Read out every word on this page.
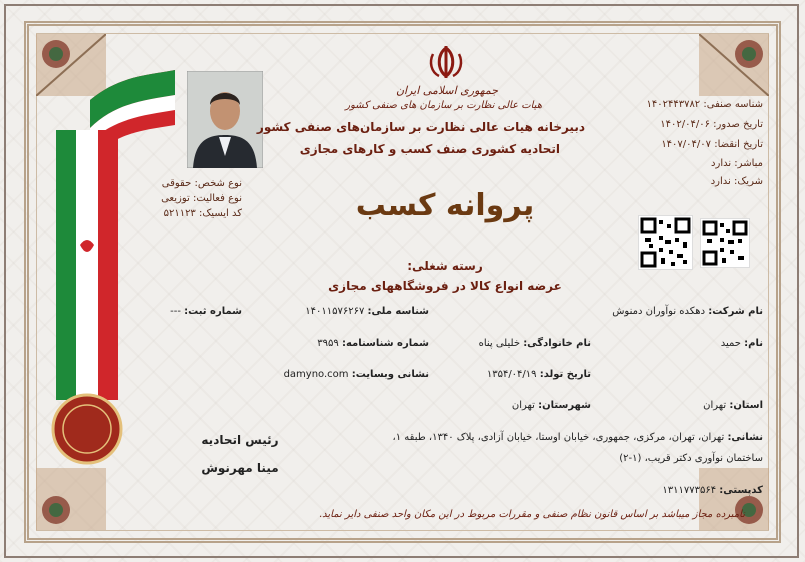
جمهوری اسلامی ایران
هیات عالی نظارت بر سازمان های صنفی کشور
دبیرخانه هیات عالی نظارت بر سازمان‌های صنفی کشور
اتحادیه کشوری صنف کسب و کارهای مجازی
پروانه کسب
شناسه صنفی: ۱۴۰۲۴۴۳۷۸۲
تاریخ صدور: ۱۴۰۲/۰۴/۰۶
تاریخ انقضا: ۱۴۰۷/۰۴/۰۷
مباشر: ندارد
شریک: ندارد
نوع شخص: حقوقی
نوع فعالیت: توزیعی
کد ایسیک: ۵۲۱۱۲۳
رسته شغلی:
عرضه انواع کالا در فروشگاههای مجازی
نام شرکت: دهکده نوآوران دمنوش
شناسه ملی: ۱۴۰۱۱۵۷۶۲۶۷
شماره ثبت: ---
نام: حمید
نام خانوادگی: خلیلی پناه
شماره شناسنامه: ۳۹۵۹
تاریخ تولد: ۱۳۵۴/۰۴/۱۹
نشانی وبسایت: damyno.com
استان: تهران
شهرستان: تهران
نشانی: تهران، تهران، مرکزی، جمهوری، خیابان اوستا، خیابان آزادی، پلاک ۱۳۴۰، طبقه ۱،
ساختمان نوآوری دکتر قریب، (۱-۲)
کدپستی: ۱۳۱۱۷۷۳۵۶۴
رئیس اتحادیه
مینا مهرنوش
نامبرده مجاز میباشد بر اساس قانون نظام صنفی و مقررات مربوط در این مکان واحد صنفی دایر نماید.
